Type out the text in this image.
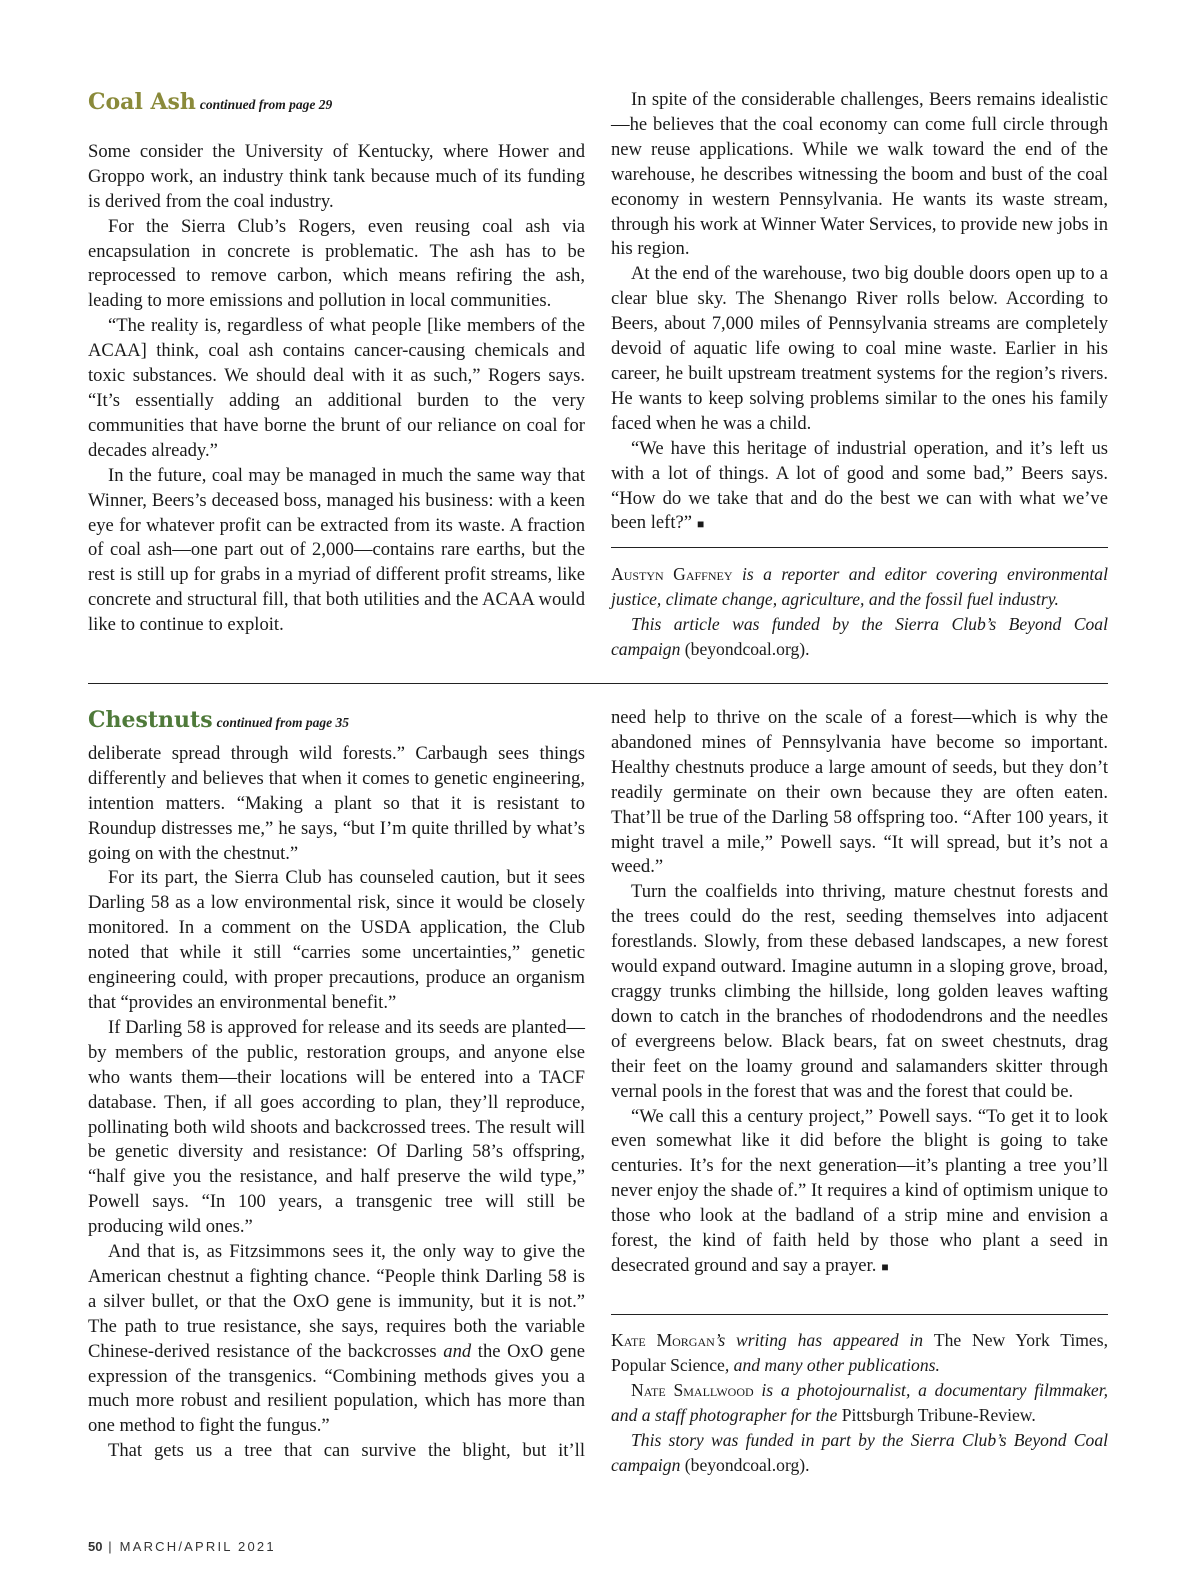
Coal Ash continued from page 29

Some consider the University of Kentucky, where Hower and Groppo work, an industry think tank because much of its funding is derived from the coal industry.

For the Sierra Club’s Rogers, even reusing coal ash via encapsulation in concrete is problematic. The ash has to be reprocessed to remove carbon, which means refiring the ash, leading to more emissions and pollution in local communities.

“The reality is, regardless of what people [like members of the ACAA] think, coal ash contains cancer-causing chemicals and toxic substances. We should deal with it as such,” Rogers says. “It’s essentially adding an additional burden to the very communities that have borne the brunt of our reliance on coal for decades already.”

In the future, coal may be managed in much the same way that Winner, Beers’s deceased boss, managed his business: with a keen eye for whatever profit can be extracted from its waste. A fraction of coal ash—one part out of 2,000—contains rare earths, but the rest is still up for grabs in a myriad of different profit streams, like concrete and structural fill, that both utilities and the ACAA would like to continue to exploit.

In spite of the considerable challenges, Beers remains idealistic—he believes that the coal economy can come full circle through new reuse applications. While we walk toward the end of the warehouse, he describes witnessing the boom and bust of the coal economy in western Pennsylvania. He wants its waste stream, through his work at Winner Water Services, to provide new jobs in his region.

At the end of the warehouse, two big double doors open up to a clear blue sky. The Shenango River rolls below. According to Beers, about 7,000 miles of Pennsylvania streams are completely devoid of aquatic life owing to coal mine waste. Earlier in his career, he built upstream treatment systems for the region’s rivers. He wants to keep solving problems similar to the ones his family faced when he was a child.

“We have this heritage of industrial operation, and it’s left us with a lot of things. A lot of good and some bad,” Beers says. “How do we take that and do the best we can with what we’ve been left?” ■

Austyn Gaffney is a reporter and editor covering environmental justice, climate change, agriculture, and the fossil fuel industry.

This article was funded by the Sierra Club’s Beyond Coal campaign (beyondcoal.org).

Chestnuts continued from page 35

deliberate spread through wild forests.” Carbaugh sees things differently and believes that when it comes to genetic engineering, intention matters. “Making a plant so that it is resistant to Roundup distresses me,” he says, “but I’m quite thrilled by what’s going on with the chestnut.”

For its part, the Sierra Club has counseled caution, but it sees Darling 58 as a low environmental risk, since it would be closely monitored. In a comment on the USDA application, the Club noted that while it still “carries some uncertainties,” genetic engineering could, with proper precautions, produce an organism that “provides an environmental benefit.”

If Darling 58 is approved for release and its seeds are planted—by members of the public, restoration groups, and anyone else who wants them—their locations will be entered into a TACF database. Then, if all goes according to plan, they’ll reproduce, pollinating both wild shoots and backcrossed trees. The result will be genetic diversity and resistance: Of Darling 58’s offspring, “half give you the resistance, and half preserve the wild type,” Powell says. “In 100 years, a transgenic tree will still be producing wild ones.”

And that is, as Fitzsimmons sees it, the only way to give the American chestnut a fighting chance. “People think Darling 58 is a silver bullet, or that the OxO gene is immunity, but it is not.” The path to true resistance, she says, requires both the variable Chinese-derived resistance of the backcrosses and the OxO gene expression of the transgenics. “Combining methods gives you a much more robust and resilient population, which has more than one method to fight the fungus.”

That gets us a tree that can survive the blight, but it’ll

need help to thrive on the scale of a forest—which is why the abandoned mines of Pennsylvania have become so important. Healthy chestnuts produce a large amount of seeds, but they don’t readily germinate on their own because they are often eaten. That’ll be true of the Darling 58 offspring too. “After 100 years, it might travel a mile,” Powell says. “It will spread, but it’s not a weed.”

Turn the coalfields into thriving, mature chestnut forests and the trees could do the rest, seeding themselves into adjacent forestlands. Slowly, from these debased landscapes, a new forest would expand outward. Imagine autumn in a sloping grove, broad, craggy trunks climbing the hillside, long golden leaves wafting down to catch in the branches of rhododendrons and the needles of evergreens below. Black bears, fat on sweet chestnuts, drag their feet on the loamy ground and salamanders skitter through vernal pools in the forest that was and the forest that could be.

“We call this a century project,” Powell says. “To get it to look even somewhat like it did before the blight is going to take centuries. It’s for the next generation—it’s planting a tree you’ll never enjoy the shade of.” It requires a kind of optimism unique to those who look at the badland of a strip mine and envision a forest, the kind of faith held by those who plant a seed in desecrated ground and say a prayer. ■

Kate Morgan’s writing has appeared in The New York Times, Popular Science, and many other publications.

Nate Smallwood is a photojournalist, a documentary filmmaker, and a staff photographer for the Pittsburgh Tribune-Review.

This story was funded in part by the Sierra Club’s Beyond Coal campaign (beyondcoal.org).

50 | MARCH/APRIL 2021
